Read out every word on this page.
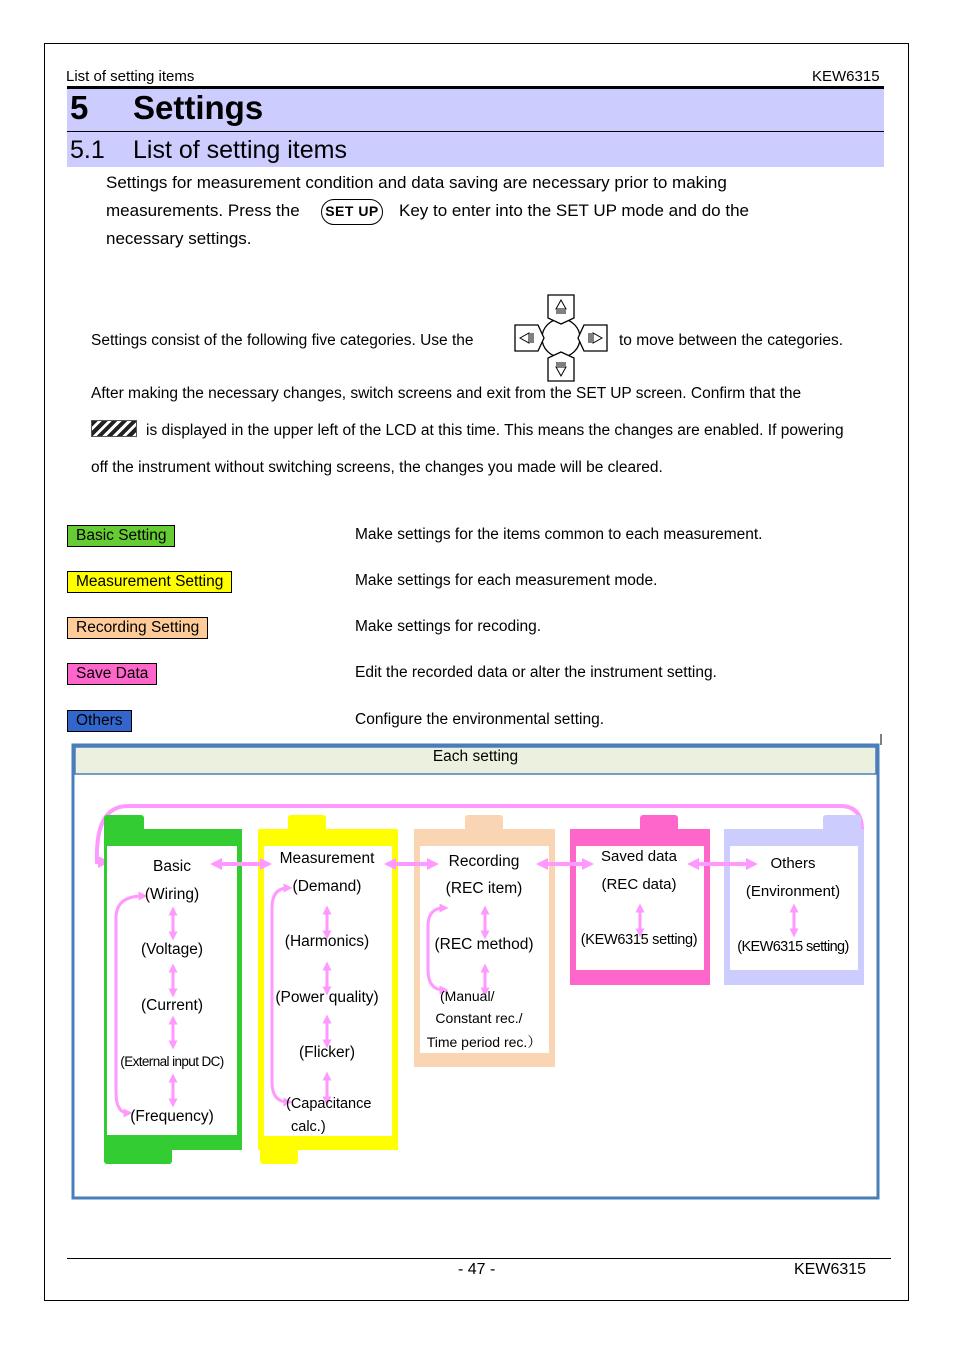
List of setting items	KEW6315
5 Settings
5.1 List of setting items
Settings for measurement condition and data saving are necessary prior to making
measurements. Press the	SET UP Key to enter into the SET UP mode and do the
necessary settings.
Settings consist of the following five categories. Use the	to move between the categories.
After making the necessary changes, switch screens and exit from the SET UP screen. Confirm that the
is displayed in the upper left of the LCD at this time. This means the changes are enabled. If powering
off the instrument without switching screens, the changes you made will be cleared.
Basic Setting	Make settings for the items common to each measurement.
Measurement Setting	Make settings for each measurement mode.
Recording Setting	Make settings for recoding.
Save Data	Edit the recorded data or alter the instrument setting.
Others	Configure the environmental setting.
Each setting
Basic
(Wiring)
(Voltage)
(Current)
(External input DC)
(Frequency)
Measurement
(Demand)
(Harmonics)
(Power quality)
(Flicker)
(Capacitance
calc.)
Recording
(REC item)
(REC method)
(Manual/
Constant rec./
Time period rec.）
Saved data
(REC data)
(KEW6315 setting)
Others
(Environment)
(KEW6315 setting)
- 47 -	KEW6315
